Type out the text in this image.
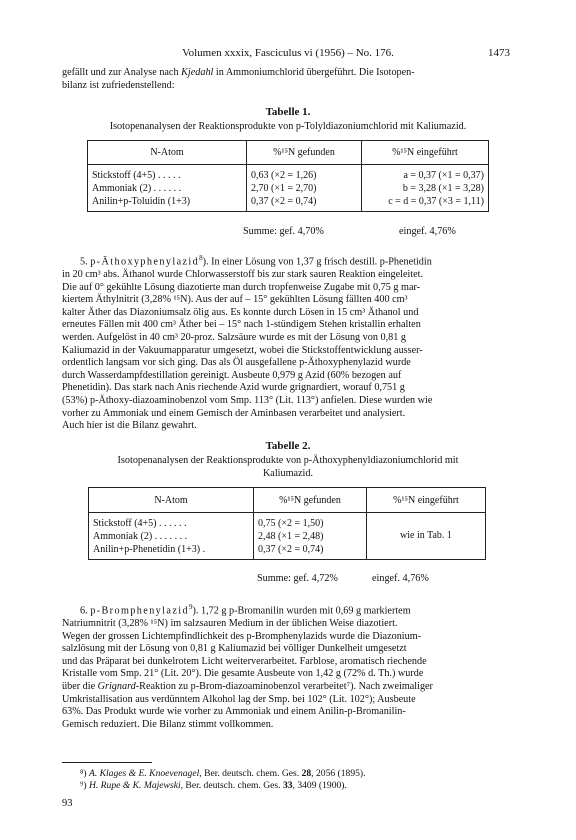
Volumen xxxix, Fasciculus vi (1956) – No. 176.	1473
gefällt und zur Analyse nach Kjedahl in Ammoniumchlorid übergeführt. Die Isotopen-
bilanz ist zufriedenstellend:
Tabelle 1.
Isotopenanalysen der Reaktionsprodukte von p-Tolyldiazoniumchlorid mit Kaliumazid.
N-Atom	%¹⁵N gefunden	%¹⁵N eingeführt
Stickstoff (4+5) . . . . .	0,63 (×2 = 1,26)	a = 0,37 (×1 = 0,37)
Ammoniak (2) . . . . . .	2,70 (×1 = 2,70)	b = 3,28 (×1 = 3,28)
Anilin+p-Toluidin (1+3)	0,37 (×2 = 0,74)	c = d = 0,37 (×3 = 1,11)
Summe: gef. 4,70%	eingef. 4,76%
5. p-Äthoxyphenylazid$^8$). In einer Lösung von 1,37 g frisch destill. p-Phenetidin
in 20 cm³ abs. Äthanol wurde Chlorwasserstoff bis zur stark sauren Reaktion eingeleitet.
Die auf 0° gekühlte Lösung diazotierte man durch tropfenweise Zugabe mit 0,75 g mar-
kiertem Äthylnitrit (3,28% ¹⁵N). Aus der auf – 15° gekühlten Lösung fällten 400 cm³
kalter Äther das Diazoniumsalz ölig aus. Es konnte durch Lösen in 15 cm³ Äthanol und
erneutes Fällen mit 400 cm³ Äther bei – 15° nach 1-stündigem Stehen kristallin erhalten
werden. Aufgelöst in 40 cm³ 20-proz. Salzsäure wurde es mit der Lösung von 0,81 g
Kaliumazid in der Vakuumapparatur umgesetzt, wobei die Stickstoffentwicklung ausser-
ordentlich langsam vor sich ging. Das als Öl ausgefallene p-Äthoxyphenylazid wurde
durch Wasserdampfdestillation gereinigt. Ausbeute 0,979 g Azid (60% bezogen auf
Phenetidin). Das stark nach Anis riechende Azid wurde grignardiert, worauf 0,751 g
(53%) p-Äthoxy-diazoaminobenzol vom Smp. 113° (Lit. 113°) anfielen. Diese wurden wie
vorher zu Ammoniak und einem Gemisch der Aminbasen verarbeitet und analysiert.
Auch hier ist die Bilanz gewahrt.
Tabelle 2.
Isotopenanalysen der Reaktionsprodukte von p-Äthoxyphenyldiazoniumchlorid mit
Kaliumazid.
N-Atom	%¹⁵N gefunden	%¹⁵N eingeführt
Stickstoff (4+5) . . . . . .	0,75 (×2 = 1,50)	wie in Tab. 1
Ammoniak (2) . . . . . . .	2,48 (×1 = 2,48)	
Anilin+p-Phenetidin (1+3) .	0,37 (×2 = 0,74)	
Summe: gef. 4,72%	eingef. 4,76%
6. p-Bromphenylazid$^9$). 1,72 g p-Bromanilin wurden mit 0,69 g markiertem
Natriumnitrit (3,28% ¹⁵N) im salzsauren Medium in der üblichen Weise diazotiert.
Wegen der grossen Lichtempfindlichkeit des p-Bromphenylazids wurde die Diazonium-
salzlösung mit der Lösung von 0,81 g Kaliumazid bei völliger Dunkelheit umgesetzt
und das Präparat bei dunkelrotem Licht weiterverarbeitet. Farblose, aromatisch riechende
Kristalle vom Smp. 21° (Lit. 20°). Die gesamte Ausbeute von 1,42 g (72% d. Th.) wurde
über die Grignard-Reaktion zu p-Brom-diazoaminobenzol verarbeitet⁷). Nach zweimaliger
Umkristallisation aus verdünntem Alkohol lag der Smp. bei 102° (Lit. 102°); Ausbeute
63%. Das Produkt wurde wie vorher zu Ammoniak und einem Anilin-p-Bromanilin-
Gemisch reduziert. Die Bilanz stimmt vollkommen.
⁸) A. Klages & E. Knoevenagel, Ber. deutsch. chem. Ges. 28, 2056 (1895).
⁹) H. Rupe & K. Majewski, Ber. deutsch. chem. Ges. 33, 3409 (1900).
93
